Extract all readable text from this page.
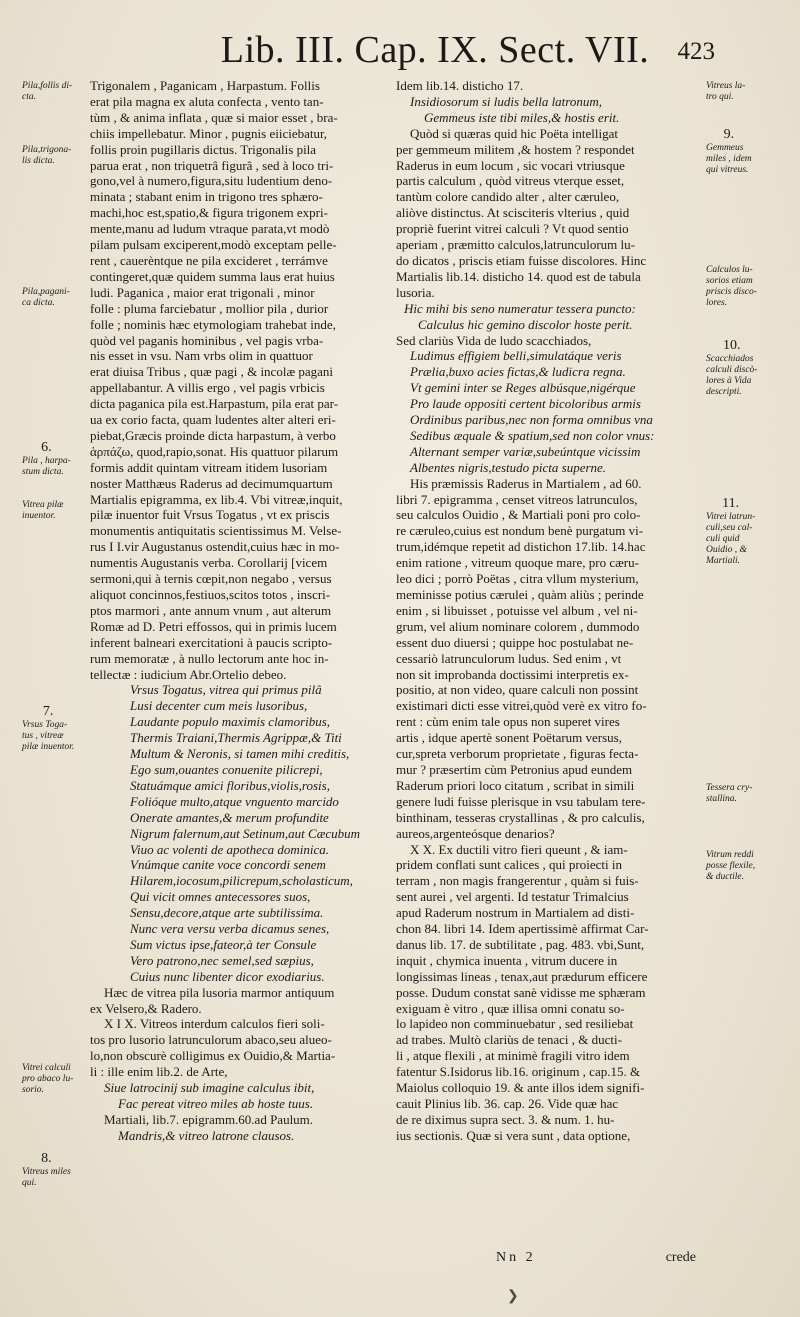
Lib. III. Cap. IX. Sect. VII. 423

Trigonalem , Paganicam , Harpastum. Follis

erat pila magna ex aluta confecta , vento tan-

tùm , & anima inflata , quæ si maior esset , bra-

chiis impellebatur. Minor , pugnis eiiciebatur,

follis proin pugillaris dictus. Trigonalis pila

parua erat , non triquetrâ figurâ , sed à loco tri-

gono,vel à numero,figura,situ ludentium deno-

minata ; stabant enim in trigono tres sphæro-

machi,hoc est,spatio,& figura trigonem expri-

mente,manu ad ludum vtraque parata,vt modò

pilam pulsam exciperent,modò exceptam pelle-

rent , cauerèntque ne pila excideret , terrámve

contingeret,quæ quidem summa laus erat huius

ludi. Paganica , maior erat trigonali , minor

folle : pluma farciebatur , mollior pila , durior

folle ; nominis hæc etymologiam trahebat inde,

quòd vel paganis hominibus , vel pagis vrba-

nis esset in vsu. Nam vrbs olim in quattuor

erat diuisa Tribus , quæ pagi , & incolæ pagani

appellabantur. A villis ergo , vel pagis vrbicis

dicta paganica pila est.Harpastum, pila erat par-

ua ex corio facta, quam ludentes alter alteri eri-

piebat,Græcis proinde dicta harpastum, à verbo

ἁρπάζω, quod,rapio,sonat. His quattuor pilarum

formis addit quintam vitream itidem lusoriam

noster Matthæus Raderus ad decimumquartum

Martialis epigramma, ex lib.4. Vbi vitreæ,inquit,

pilæ inuentor fuit Vrsus Togatus , vt ex priscis

monumentis antiquitatis scientissimus M. Velse-

rus I I.vir Augustanus ostendit,cuius hæc in mo-

numentis Augustanis verba. Corollarij [vicem

sermoni,qui à ternis cœpit,non negabo , versus

aliquot concinnos,festiuos,scitos totos , inscri-

ptos marmori , ante annum vnum , aut alterum

Romæ ad D. Petri effossos, qui in primis lucem

inferent balneari exercitationi à paucis scripto-

rum memoratæ , à nullo lectorum ante hoc in-

tellectæ : iudicium Abr.Ortelio debeo.

Vrsus Togatus, vitrea qui primus pilâ

Lusi decenter cum meis lusoribus,

Laudante populo maximis clamoribus,

Thermis Traiani,Thermis Agrippæ,& Titi

Multum & Neronis, si tamen mihi creditis,

Ego sum,ouantes conuenite pilicrepi,

Statuámque amici floribus,violis,rosis,

Folióque multo,atque vnguento marcido

Onerate amantes,& merum profundite

Nigrum falernum,aut Setinum,aut Cæcubum

Viuo ac volenti de apotheca dominica.

Vnúmque canite voce concordi senem

Hilarem,iocosum,pilicrepum,scholasticum,

Qui vicit omnes antecessores suos,

Sensu,decore,atque arte subtilissima.

Nunc vera versu verba dicamus senes,

Sum victus ipse,fateor,à ter Consule

Vero patrono,nec semel,sed sæpius,

Cuius nunc libenter dicor exodiarius.

Hæc de vitrea pila lusoria marmor antiquum

ex Velsero,& Radero.

X I X. Vitreos interdum calculos fieri soli-

tos pro lusorio latrunculorum abaco,seu alueo-

lo,non obscurè colligimus ex Ouidio,& Martia-

li : ille enim lib.2. de Arte,

Siue latrocinij sub imagine calculus ibit,

Fac pereat vitreo miles ab hoste tuus.

Martiali, lib.7. epigramm.60.ad Paulum.

Mandris,& vitreo latrone clausos.

Idem lib.14. disticho 17.

Insidiosorum si ludis bella latronum,

Gemmeus iste tibi miles,& hostis erit.

Quòd si quæras quid hic Poëta intelligat

per gemmeum militem ,& hostem ? respondet

Raderus in eum locum , sic vocari vtriusque

partis calculum , quòd vitreus vterque esset,

tantùm colore candido alter , alter cæruleo,

aliòve distinctus. At scisciteris vlterius , quid

propriè fuerint vitrei calculi ? Vt quod sentio

aperiam , præmitto calculos,latrunculorum lu-

do dicatos , priscis etiam fuisse discolores. Hinc

Martialis lib.14. disticho 14. quod est de tabula

lusoria.

Hic mihi bis seno numeratur tessera puncto:

Calculus hic gemino discolor hoste perit.

Sed clariùs Vida de ludo scacchiados,

Ludimus effigiem belli,simulatáque veris

Prælia,buxo acies fictas,& ludicra regna.

Vt gemini inter se Reges albúsque,nigérque

Pro laude oppositi certent bicoloribus armis

Ordinibus paribus,nec non forma omnibus vna

Sedibus æquale & spatium,sed non color vnus:

Alternant semper variæ,subeúntque vicissim

Albentes nigris,testudo picta superne.

His præmissis Raderus in Martialem , ad 60.

libri 7. epigramma , censet vitreos latrunculos,

seu calculos Ouidio , & Martiali poni pro colo-

re cæruleo,cuius est nondum benè purgatum vi-

trum,idémque repetit ad distichon 17.lib. 14.hac

enim ratione , vitreum quoque mare, pro cæru-

leo dici ; porrò Poëtas , citra vllum mysterium,

meminisse potius cærulei , quàm aliùs ; perinde

enim , si libuisset , potuisse vel album , vel ni-

grum, vel alium nominare colorem , dummodo

essent duo diuersi ; quippe hoc postulabat ne-

cessariò latrunculorum ludus. Sed enim , vt

non sit improbanda doctissimi interpretis ex-

positio, at non video, quare calculi non possint

existimari dicti esse vitrei,quòd verè ex vitro fo-

rent : cùm enim tale opus non superet vires

artis , idque apertè sonent Poëtarum versus,

cur,spreta verborum proprietate , figuras fecta-

mur ? præsertim cùm Petronius apud eundem

Raderum priori loco citatum , scribat in simili

genere ludi fuisse plerisque in vsu tabulam tere-

binthinam, tesseras crystallinas , & pro calculis,

aureos,argenteósque denarios?

X X. Ex ductili vitro fieri queunt , & iam-

pridem conflati sunt calices , qui proiecti in

terram , non magis frangerentur , quàm si fuis-

sent aurei , vel argenti. Id testatur Trimalcius

apud Raderum nostrum in Martialem ad disti-

chon 84. libri 14. Idem apertissimè affirmat Car-

danus lib. 17. de subtilitate , pag. 483. vbi,Sunt,

inquit , chymica inuenta , vitrum ducere in

longissimas lineas , tenax,aut prædurum efficere

posse. Dudum constat sanè vidisse me sphæram

exiguam è vitro , quæ illisa omni conatu so-

lo lapideo non comminuebatur , sed resiliebat

ad trabes. Multò clariùs de tenaci , & ducti-

li , atque flexili , at minimè fragili vitro idem

fatentur S.Isidorus lib.16. originum , cap.15. &

Maiolus colloquio 19. & ante illos idem signifi-

cauit Plinius lib. 36. cap. 26. Vide quæ hac

de re diximus supra sect. 3. & num. 1. hu-

ius sectionis. Quæ si vera sunt , data optione,

Pila,follis di-
cta.
Pila,trigona-
lis dicta.
Pila,pagani-
ca dicta.
6.
Pila , harpa-
stum dicta.
Vitrea pilæ
inuentor.
7.
Vrsus Toga-
tus , vitreæ
pilæ inuentor.
Vitrei calculi
pro abaco lu-
sorio.
8.
Vitreus miles
qui.
Vitreus la-
tro qui.
9.
Gemmeus
miles , idem
qui vitreus.
Calculos lu-
sorios etiam
priscis disco-
lores.
10.
Scacchiados
calculi discò-
lores à Vida
descripti.
11.
Vitrei latrun-
culi,seu cal-
culi quid
Ouidio , &
Martiali.
Tessera cry-
stallina.
Vitrum reddi
posse flexile,
& ductile.
Nn 2	crede
❯
